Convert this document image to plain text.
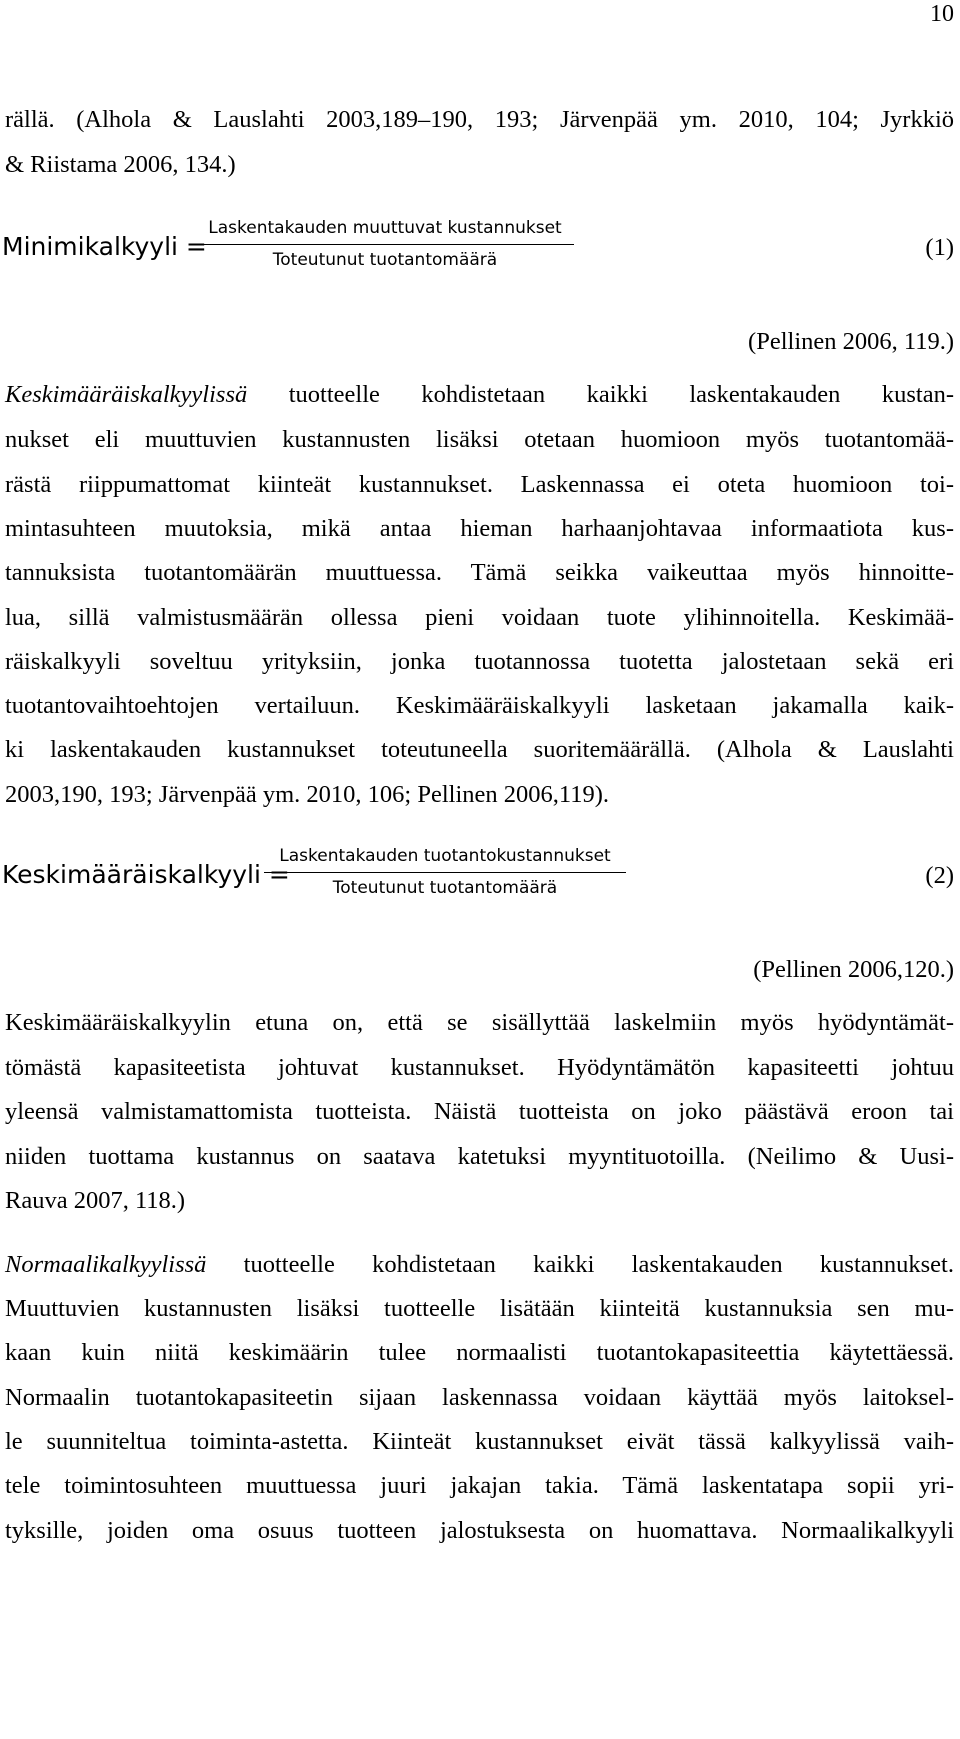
10
rällä. (Alhola & Lauslahti 2003,189–190, 193; Järvenpää ym. 2010, 104; Jyrkkiö
& Riistama 2006, 134.)
Minimikalkyyli =
Laskentakauden muuttuvat kustannukset
Toteutunut tuotantomäärä	(1)
(Pellinen 2006, 119.)
Keskimääräiskalkyylissä tuotteelle kohdistetaan kaikki laskentakauden kustan-
nukset eli muuttuvien kustannusten lisäksi otetaan huomioon myös tuotantomää-
rästä riippumattomat kiinteät kustannukset. Laskennassa ei oteta huomioon toi-
mintasuhteen muutoksia, mikä antaa hieman harhaanjohtavaa informaatiota kus-
tannuksista tuotantomäärän muuttuessa. Tämä seikka vaikeuttaa myös hinnoitte-
lua, sillä valmistusmäärän ollessa pieni voidaan tuote ylihinnoitella. Keskimää-
räiskalkyyli soveltuu yrityksiin, jonka tuotannossa tuotetta jalostetaan sekä eri
tuotantovaihtoehtojen vertailuun. Keskimääräiskalkyyli lasketaan jakamalla kaik-
ki laskentakauden kustannukset toteutuneella suoritemäärällä. (Alhola & Lauslahti
2003,190, 193; Järvenpää ym. 2010, 106; Pellinen 2006,119).
Keskimääräiskalkyyli =
Laskentakauden tuotantokustannukset
Toteutunut tuotantomäärä	(2)
(Pellinen 2006,120.)
Keskimääräiskalkyylin etuna on, että se sisällyttää laskelmiin myös hyödyntämät-
tömästä kapasiteetista johtuvat kustannukset. Hyödyntämätön kapasiteetti johtuu
yleensä valmistamattomista tuotteista. Näistä tuotteista on joko päästävä eroon tai
niiden tuottama kustannus on saatava katetuksi myyntituotoilla. (Neilimo & Uusi-
Rauva 2007, 118.)
Normaalikalkyylissä tuotteelle kohdistetaan kaikki laskentakauden kustannukset.
Muuttuvien kustannusten lisäksi tuotteelle lisätään kiinteitä kustannuksia sen mu-
kaan kuin niitä keskimäärin tulee normaalisti tuotantokapasiteettia käytettäessä.
Normaalin tuotantokapasiteetin sijaan laskennassa voidaan käyttää myös laitoksel-
le suunniteltua toiminta-astetta. Kiinteät kustannukset eivät tässä kalkyylissä vaih-
tele toimintosuhteen muuttuessa juuri jakajan takia. Tämä laskentatapa sopii yri-
tyksille, joiden oma osuus tuotteen jalostuksesta on huomattava. Normaalikalkyyli
